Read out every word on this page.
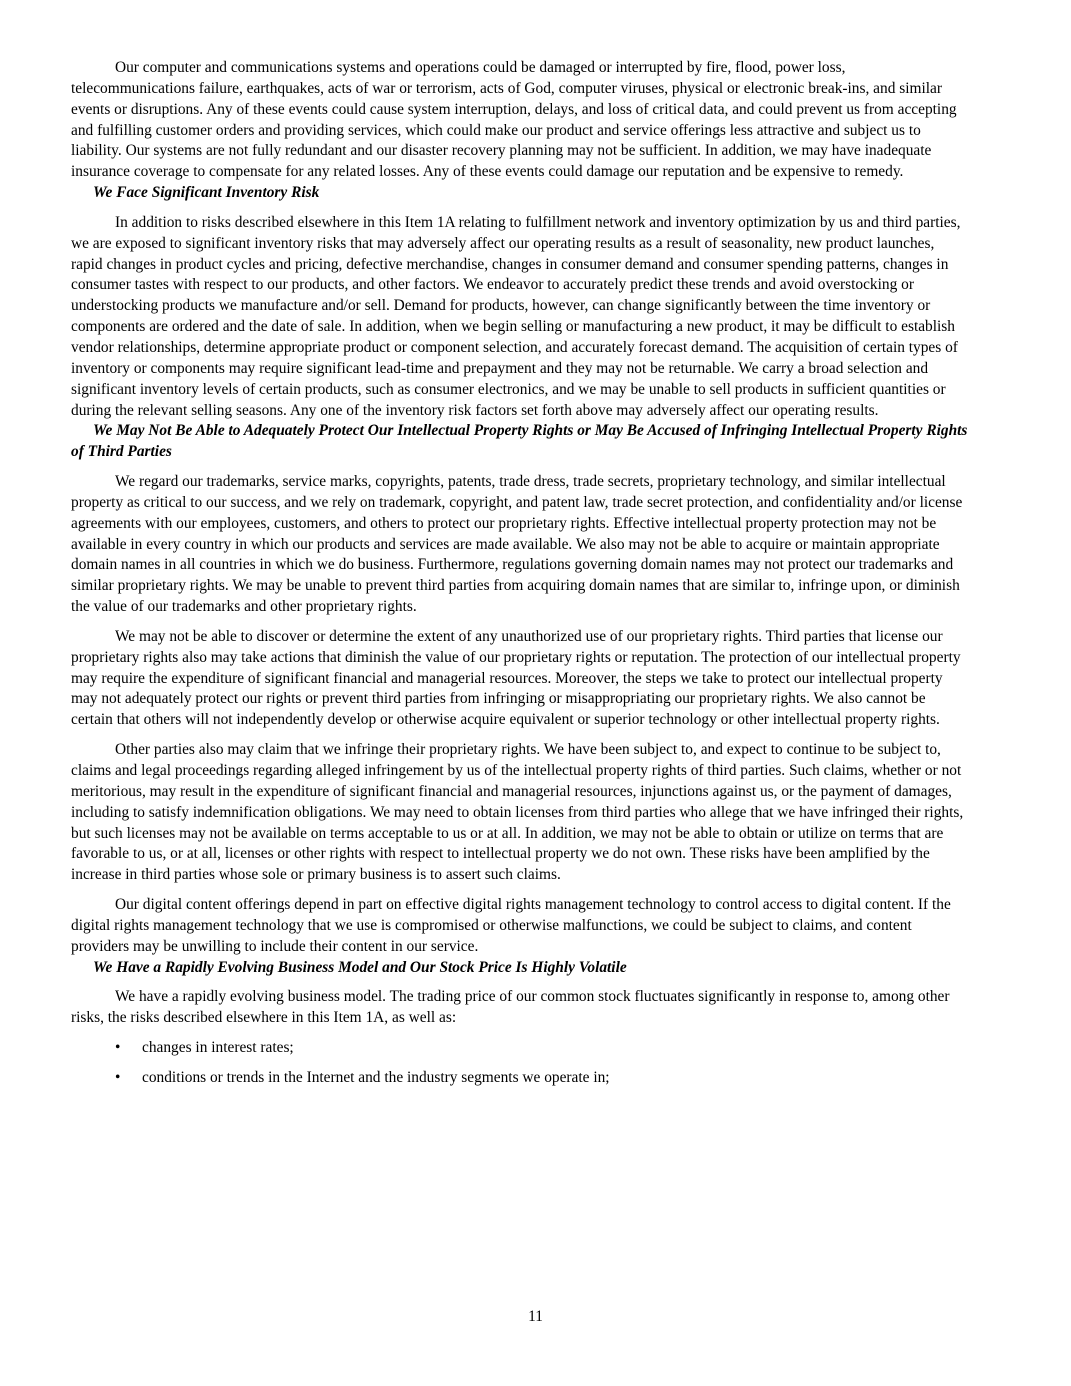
Our computer and communications systems and operations could be damaged or interrupted by fire, flood, power loss, telecommunications failure, earthquakes, acts of war or terrorism, acts of God, computer viruses, physical or electronic break-ins, and similar events or disruptions. Any of these events could cause system interruption, delays, and loss of critical data, and could prevent us from accepting and fulfilling customer orders and providing services, which could make our product and service offerings less attractive and subject us to liability. Our systems are not fully redundant and our disaster recovery planning may not be sufficient. In addition, we may have inadequate insurance coverage to compensate for any related losses. Any of these events could damage our reputation and be expensive to remedy.

We Face Significant Inventory Risk

In addition to risks described elsewhere in this Item 1A relating to fulfillment network and inventory optimization by us and third parties, we are exposed to significant inventory risks that may adversely affect our operating results as a result of seasonality, new product launches, rapid changes in product cycles and pricing, defective merchandise, changes in consumer demand and consumer spending patterns, changes in consumer tastes with respect to our products, and other factors. We endeavor to accurately predict these trends and avoid overstocking or understocking products we manufacture and/or sell. Demand for products, however, can change significantly between the time inventory or components are ordered and the date of sale. In addition, when we begin selling or manufacturing a new product, it may be difficult to establish vendor relationships, determine appropriate product or component selection, and accurately forecast demand. The acquisition of certain types of inventory or components may require significant lead-time and prepayment and they may not be returnable. We carry a broad selection and significant inventory levels of certain products, such as consumer electronics, and we may be unable to sell products in sufficient quantities or during the relevant selling seasons. Any one of the inventory risk factors set forth above may adversely affect our operating results.

We May Not Be Able to Adequately Protect Our Intellectual Property Rights or May Be Accused of Infringing Intellectual Property Rights of Third Parties

We regard our trademarks, service marks, copyrights, patents, trade dress, trade secrets, proprietary technology, and similar intellectual property as critical to our success, and we rely on trademark, copyright, and patent law, trade secret protection, and confidentiality and/or license agreements with our employees, customers, and others to protect our proprietary rights. Effective intellectual property protection may not be available in every country in which our products and services are made available. We also may not be able to acquire or maintain appropriate domain names in all countries in which we do business. Furthermore, regulations governing domain names may not protect our trademarks and similar proprietary rights. We may be unable to prevent third parties from acquiring domain names that are similar to, infringe upon, or diminish the value of our trademarks and other proprietary rights.

We may not be able to discover or determine the extent of any unauthorized use of our proprietary rights. Third parties that license our proprietary rights also may take actions that diminish the value of our proprietary rights or reputation. The protection of our intellectual property may require the expenditure of significant financial and managerial resources. Moreover, the steps we take to protect our intellectual property may not adequately protect our rights or prevent third parties from infringing or misappropriating our proprietary rights. We also cannot be certain that others will not independently develop or otherwise acquire equivalent or superior technology or other intellectual property rights.

Other parties also may claim that we infringe their proprietary rights. We have been subject to, and expect to continue to be subject to, claims and legal proceedings regarding alleged infringement by us of the intellectual property rights of third parties. Such claims, whether or not meritorious, may result in the expenditure of significant financial and managerial resources, injunctions against us, or the payment of damages, including to satisfy indemnification obligations. We may need to obtain licenses from third parties who allege that we have infringed their rights, but such licenses may not be available on terms acceptable to us or at all. In addition, we may not be able to obtain or utilize on terms that are favorable to us, or at all, licenses or other rights with respect to intellectual property we do not own. These risks have been amplified by the increase in third parties whose sole or primary business is to assert such claims.

Our digital content offerings depend in part on effective digital rights management technology to control access to digital content. If the digital rights management technology that we use is compromised or otherwise malfunctions, we could be subject to claims, and content providers may be unwilling to include their content in our service.

We Have a Rapidly Evolving Business Model and Our Stock Price Is Highly Volatile

We have a rapidly evolving business model. The trading price of our common stock fluctuates significantly in response to, among other risks, the risks described elsewhere in this Item 1A, as well as:

• changes in interest rates;
• conditions or trends in the Internet and the industry segments we operate in;
11
